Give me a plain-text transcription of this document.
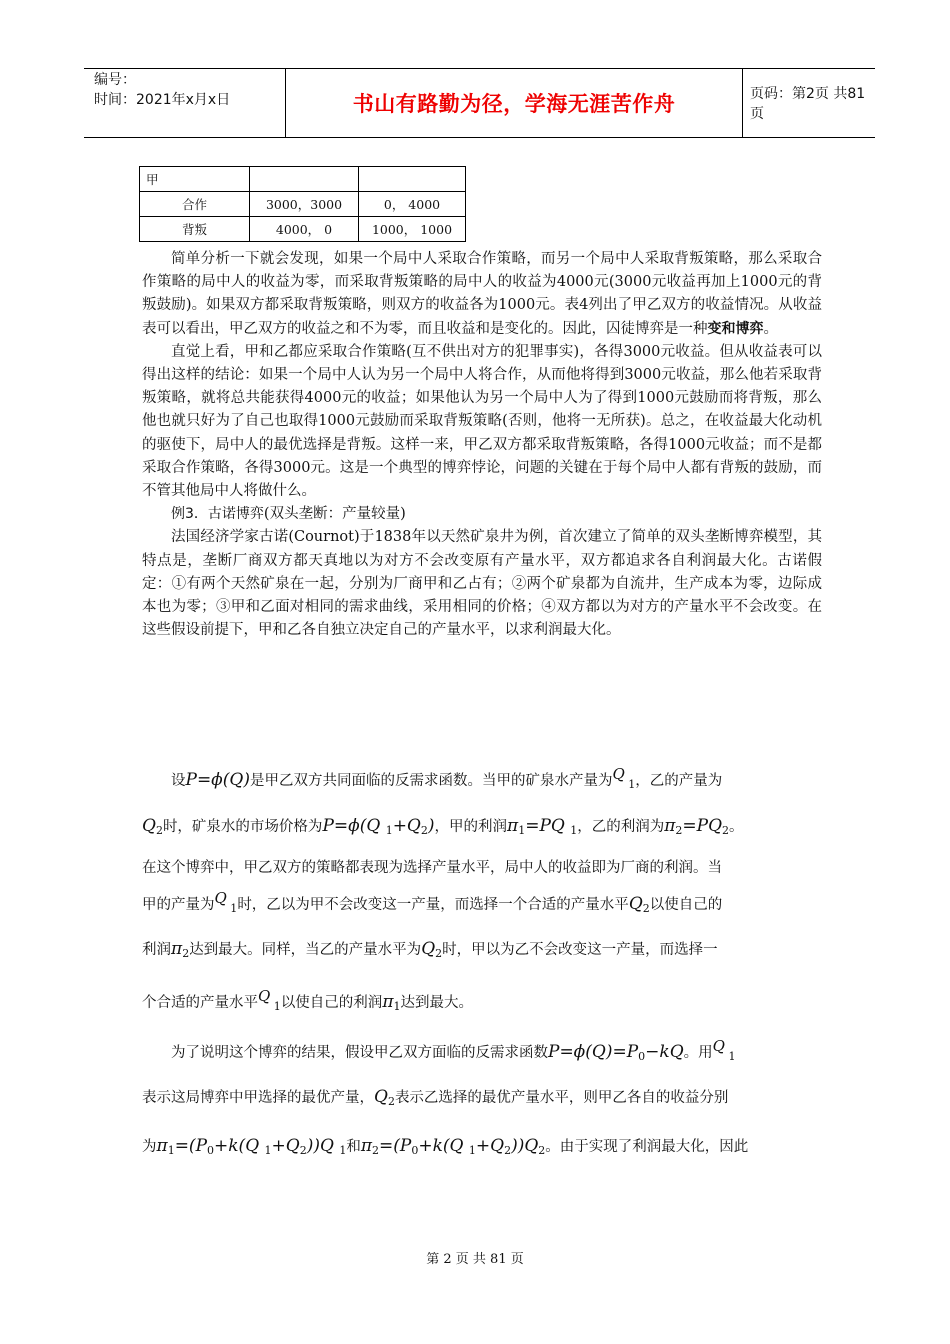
编号：
时间：2021年x月x日	书山有路勤为径，学海无涯苦作舟	页码：第2页 共81页
甲		
合作	3000，3000	0， 4000
背叛	4000， 0	1000， 1000

简单分析一下就会发现，如果一个局中人采取合作策略，而另一个局中人采取背叛策略，那么采取合作策略的局中人的收益为零，而采取背叛策略的局中人的收益为4000元(3000元收益再加上1000元的背叛鼓励)。如果双方都采取背叛策略，则双方的收益各为1000元。表4列出了甲乙双方的收益情况。从收益表可以看出，甲乙双方的收益之和不为零，而且收益和是变化的。因此，囚徒博弈是一种变和博弈。

直觉上看，甲和乙都应采取合作策略(互不供出对方的犯罪事实)，各得3000元收益。但从收益表可以得出这样的结论：如果一个局中人认为另一个局中人将合作，从而他将得到3000元收益，那么他若采取背叛策略，就将总共能获得4000元的收益；如果他认为另一个局中人为了得到1000元鼓励而将背叛，那么他也就只好为了自己也取得1000元鼓励而采取背叛策略(否则，他将一无所获)。总之，在收益最大化动机的驱使下，局中人的最优选择是背叛。这样一来，甲乙双方都采取背叛策略，各得1000元收益；而不是都采取合作策略，各得3000元。这是一个典型的博弈悖论，问题的关键在于每个局中人都有背叛的鼓励，而不管其他局中人将做什么。

例3．古诺博弈(双头垄断：产量较量)

法国经济学家古诺(Cournot)于1838年以天然矿泉井为例，首次建立了简单的双头垄断博弈模型，其特点是，垄断厂商双方都天真地以为对方不会改变原有产量水平，双方都追求各自利润最大化。古诺假定：①有两个天然矿泉在一起，分别为厂商甲和乙占有；②两个矿泉都为自流井，生产成本为零，边际成本也为零；③甲和乙面对相同的需求曲线，采用相同的价格；④双方都以为对方的产量水平不会改变。在这些假设前提下，甲和乙各自独立决定自己的产量水平，以求利润最大化。

设P=ϕ(Q)是甲乙双方共同面临的反需求函数。当甲的矿泉水产量为Q $_1$，乙的产量为
$Q_2$时，矿泉水的市场价格为P=ϕ(Q $_1+Q_2$)，甲的利润$\pi_1=PQ$ $_1$，乙的利润为$\pi_2=PQ_2$。
在这个博弈中，甲乙双方的策略都表现为选择产量水平，局中人的收益即为厂商的利润。当
甲的产量为Q $_1$时，乙以为甲不会改变这一产量，而选择一个合适的产量水平$Q_2$以使自己的
利润$\pi_2$达到最大。同样，当乙的产量水平为$Q_2$时，甲以为乙不会改变这一产量，而选择一
个合适的产量水平Q $_1$以使自己的利润$\pi_1$达到最大。
为了说明这个博弈的结果，假设甲乙双方面临的反需求函数$P=\phi(Q)=P_0-kQ$。用Q $_1$
表示这局博弈中甲选择的最优产量，$Q_2$表示乙选择的最优产量水平，则甲乙各自的收益分别
为$\pi_1=(P_0+k(Q$ $_1+Q_2))Q$ $_1$和$\pi_2=(P_0+k(Q$ $_1+Q_2))Q_2$。由于实现了利润最大化，因此
第 2 页 共 81 页
